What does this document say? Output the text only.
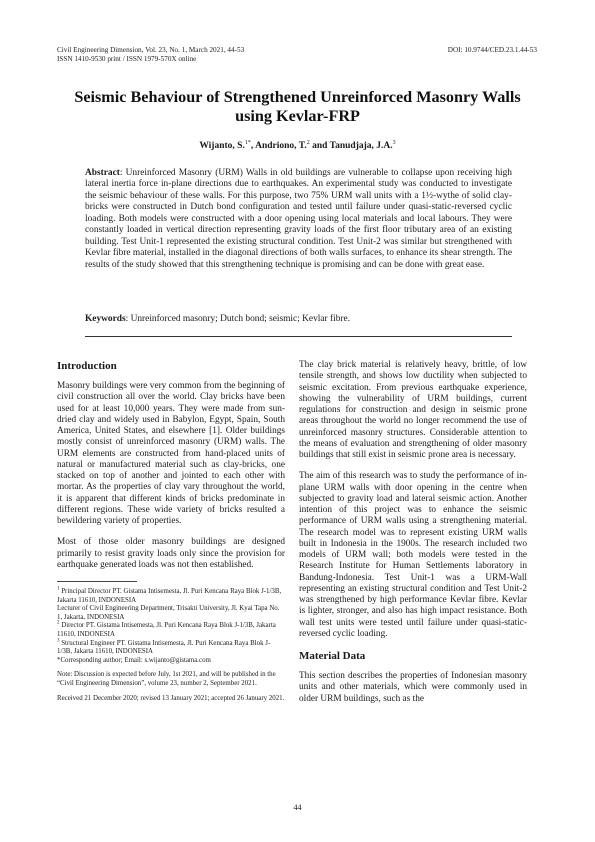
Civil Engineering Dimension, Vol. 23, No. 1, March 2021, 44-53
ISSN 1410-9530 print / ISSN 1979-570X online
DOI: 10.9744/CED.23.1.44-53
Seismic Behaviour of Strengthened Unreinforced Masonry Walls
using Kevlar-FRP
Wijanto, S.$^{1*}$, Andriono, T.$^2$ and Tanudjaja, J.A.$^3$
Abstract: Unreinforced Masonry (URM) Walls in old buildings are vulnerable to collapse upon receiving high lateral inertia force in-plane directions due to earthquakes. An experimental study was conducted to investigate the seismic behaviour of these walls. For this purpose, two 75% URM wall units with a 1½-wythe of solid clay-bricks were constructed in Dutch bond configuration and tested until failure under quasi-static-reversed cyclic loading. Both models were constructed with a door opening using local materials and local labours. They were constantly loaded in vertical direction representing gravity loads of the first floor tributary area of an existing building. Test Unit-1 represented the existing structural condition. Test Unit-2 was similar but strengthened with Kevlar fibre material, installed in the diagonal directions of both walls surfaces, to enhance its shear strength. The results of the study showed that this strengthening technique is promising and can be done with great ease.
Keywords: Unreinforced masonry; Dutch bond; seismic; Kevlar fibre.
Introduction

Masonry buildings were very common from the beginning of civil construction all over the world. Clay bricks have been used for at least 10,000 years. They were made from sun-dried clay and widely used in Babylon, Egypt, Spain, South America, United States, and elsewhere [1]. Older buildings mostly consist of unreinforced masonry (URM) walls. The URM elements are constructed from hand-placed units of natural or manufactured material such as clay-bricks, one stacked on top of another and jointed to each other with mortar. As the properties of clay vary throughout the world, it is apparent that different kinds of bricks predominate in different regions. These wide variety of bricks resulted a bewildering variety of properties.

Most of those older masonry buildings are designed primarily to resist gravity loads only since the provision for earthquake generated loads was not then established.

$^1$ Principal Director PT. Gistama Intisemesta, Jl. Puri Kencana Raya Blok J-1/3B, Jakarta 11610, INDONESIA

Lecturer of Civil Engineering Department, Trisakti University, Jl. Kyai Tapa No. 1, Jakarta, INDONESIA

$^2$ Director PT. Gistama Intisemesta, Jl. Puri Kencana Raya Blok J-1/3B, Jakarta 11610, INDONESIA

$^3$ Structural Engineer PT. Gistama Intisemesta, Jl. Puri Kencana Raya Blok J-1/3B, Jakarta 11610, INDONESIA

*Corresponding author; Email: s.wijanto@gistama.com

Note: Discussion is expected before July, 1st 2021, and will be published in the “Civil Engineering Dimension”, volume 23, number 2, September 2021.

Received 21 December 2020; revised 13 January 2021; accepted 26 January 2021.

The clay brick material is relatively heavy, brittle, of low tensile strength, and shows low ductility when subjected to seismic excitation. From previous earthquake experience, showing the vulnerability of URM buildings, current regulations for construction and design in seismic prone areas throughout the world no longer recommend the use of unreinforced masonry structures. Considerable attention to the means of evaluation and strengthening of older masonry buildings that still exist in seismic prone area is necessary.

The aim of this research was to study the performance of in-plane URM walls with door opening in the centre when subjected to gravity load and lateral seismic action. Another intention of this project was to enhance the seismic performance of URM walls using a strengthening material. The research model was to represent existing URM walls built in Indonesia in the 1900s. The research included two models of URM wall; both models were tested in the Research Institute for Human Settlements laboratory in Bandung-Indonesia. Test Unit-1 was a URM-Wall representing an existing structural condition and Test Unit-2 was strengthened by high performance Kevlar fibre. Kevlar is lighter, stronger, and also has high impact resistance. Both wall test units were tested until failure under quasi-static-reversed cyclic loading.

Material Data

This section describes the properties of Indonesian masonry units and other materials, which were commonly used in older URM buildings, such as the

44
